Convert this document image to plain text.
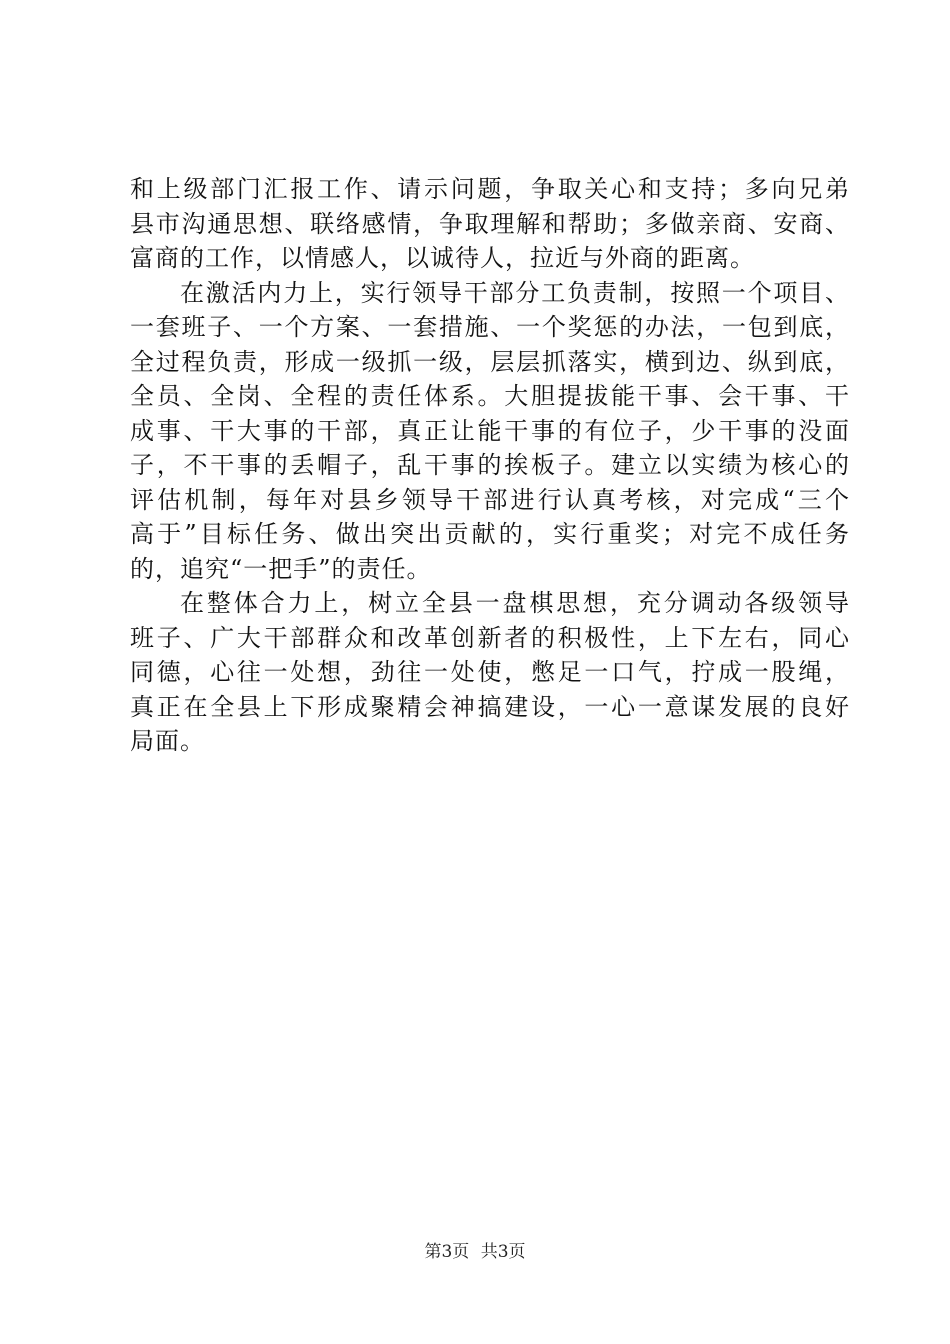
和上级部门汇报工作、请示问题，争取关心和支持；多向兄弟
县市沟通思想、联络感情，争取理解和帮助；多做亲商、安商、
富商的工作，以情感人，以诚待人，拉近与外商的距离。
在激活内力上，实行领导干部分工负责制，按照一个项目、
一套班子、一个方案、一套措施、一个奖惩的办法，一包到底，
全过程负责，形成一级抓一级，层层抓落实，横到边、纵到底，
全员、全岗、全程的责任体系。大胆提拔能干事、会干事、干
成事、干大事的干部，真正让能干事的有位子，少干事的没面
子，不干事的丢帽子，乱干事的挨板子。建立以实绩为核心的
评估机制，每年对县乡领导干部进行认真考核，对完成“三个
高于”目标任务、做出突出贡献的，实行重奖；对完不成任务
的，追究“一把手”的责任。
在整体合力上，树立全县一盘棋思想，充分调动各级领导
班子、广大干部群众和改革创新者的积极性，上下左右，同心
同德，心往一处想，劲往一处使，憋足一口气，拧成一股绳，
真正在全县上下形成聚精会神搞建设，一心一意谋发展的良好
局面。
第3页 共3页
